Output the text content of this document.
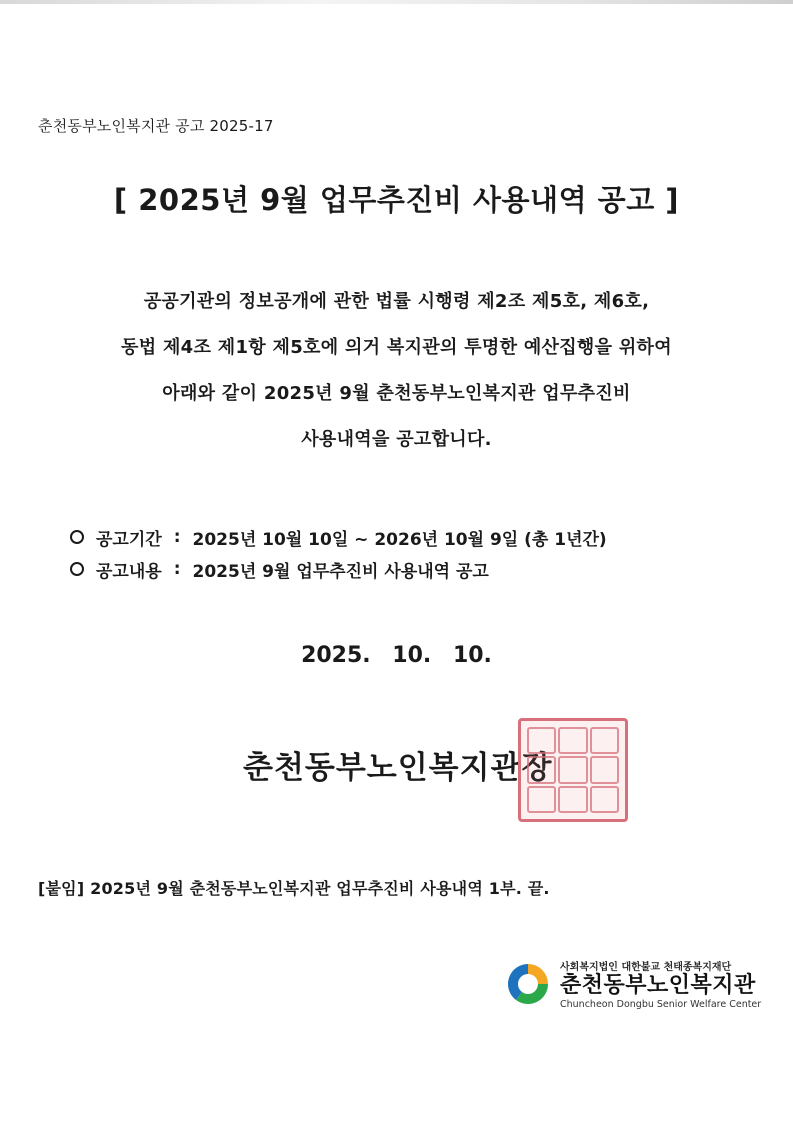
춘천동부노인복지관 공고 2025-17
[ 2025년 9월 업무추진비 사용내역 공고 ]
공공기관의 정보공개에 관한 법률 시행령 제2조 제5호, 제6호,
동법 제4조 제1항 제5호에 의거 복지관의 투명한 예산집행을 위하여
아래와 같이 2025년 9월 춘천동부노인복지관 업무추진비
사용내역을 공고합니다.
공고기간 : 2025년 10월 10일 ~ 2026년 10월 9일 (총 1년간)
공고내용 : 2025년 9월 업무추진비 사용내역 공고
2025. 10. 10.
춘천동부노인복지관장
[붙임] 2025년 9월 춘천동부노인복지관 업무추진비 사용내역 1부. 끝.
사회복지법인 대한불교 천태종복지재단
춘천동부노인복지관
Chuncheon Dongbu Senior Welfare Center
